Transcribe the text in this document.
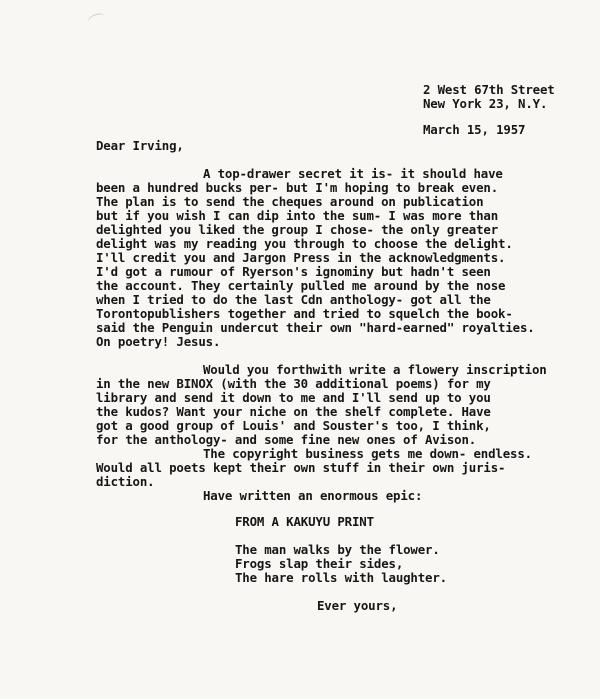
2 West 67th Street
New York 23, N.Y.
March 15, 1957
Dear Irving,
A top-drawer secret it is- it should have
been a hundred bucks per- but I'm hoping to break even.
The plan is to send the cheques around on publication
but if you wish I can dip into the sum- I was more than
delighted you liked the group I chose- the only greater
delight was my reading you through to choose the delight.
I'll credit you and Jargon Press in the acknowledgments.
I'd got a rumour of Ryerson's ignominy but hadn't seen
the account. They certainly pulled me around by the nose
when I tried to do the last Cdn anthology- got all the
Torontopublishers together and tried to squelch the book-
said the Penguin undercut their own "hard-earned" royalties.
On poetry! Jesus.
Would you forthwith write a flowery inscription
in the new BINOX (with the 30 additional poems) for my
library and send it down to me and I'll send up to you
the kudos? Want your niche on the shelf complete. Have
got a good group of Louis' and Souster's too, I think,
for the anthology- and some fine new ones of Avison.
The copyright business gets me down- endless.
Would all poets kept their own stuff in their own juris-
diction.
Have written an enormous epic:
FROM A KAKUYU PRINT
The man walks by the flower.
Frogs slap their sides,
The hare rolls with laughter.
Ever yours,
